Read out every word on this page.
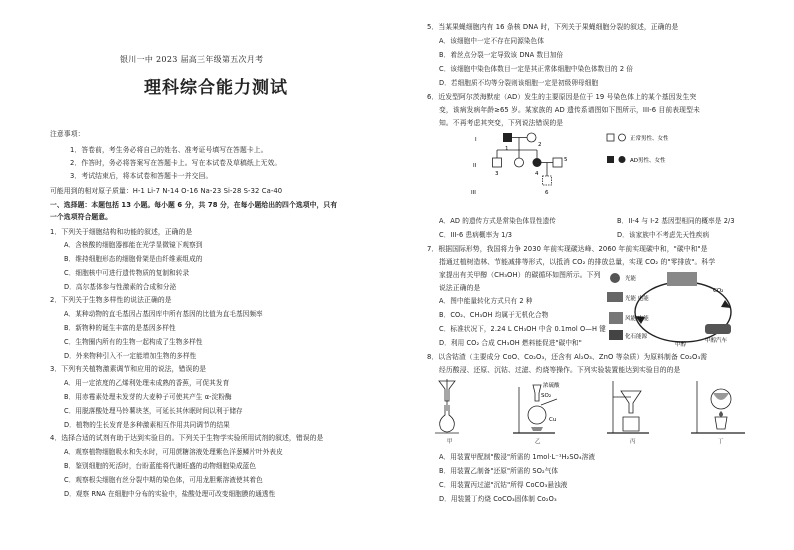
银川一中 2023 届高三年级第五次月考
理科综合能力测试
注意事项：
1．答卷前，考生务必将自己的姓名、准考证号填写在答题卡上。
2．作答时，务必将答案写在答题卡上。写在本试卷及草稿纸上无效。
3．考试结束后，将本试卷和答题卡一并交回。
可能用到的相对原子质量：H-1 Li-7 N-14 O-16 Na-23 Si-28 S-32 Ca-40
一、选择题：本题包括 13 小题。每小题 6 分，共 78 分，在每小题给出的四个选项中，只有
一个选项符合题意。
1．下列关于细胞结构和功能的叙述，正确的是
A．含核酸的细胞器都能在光学显微镜下观察到
B．维持细胞形态的细胞骨架是由纤维素组成的
C．细胞核中可进行遗传物质的复制和转录
D．高尔基体参与性激素的合成和分泌
2．下列关于生物多样性的说法正确的是
A．某种动物的直毛基因占基因库中所有基因的比值为直毛基因频率
B．新物种的诞生丰富的是基因多样性
C．生物圈内所有的生物一起构成了生物多样性
D．外来物种引入不一定能增加生物的多样性
3．下列有关植物激素调节和应用的说法，错误的是
A．用一定浓度的乙烯利处理未成熟的香蕉，可促其发育
B．用赤霉素处理未发芽的大麦种子可使其产生 α-淀粉酶
C．用脱落酸处理马铃薯块茎，可延长其休眠时间以利于储存
D．植物的生长发育是多种激素相互作用共同调节的结果
4．选择合适的试剂有助于达到实验目的。下列关于生物学实验所用试剂的叙述，错误的是
A．观察植物细胞吸水和失水时，可用蔗糖溶液处理紫色洋葱鳞片叶外表皮
B．鉴别细胞的死活时，台盼蓝能将代谢旺盛的动物细胞染成蓝色
C．观察根尖细胞有丝分裂中期的染色体，可用龙胆紫溶液使其着色
D．观察 RNA 在细胞中分布的实验中，盐酸处理可改变细胞膜的通透性
5．当某果蝇细胞内有 16 条核 DNA 时，下列关于果蝇细胞分裂的叙述，正确的是
A．该细胞中一定不存在同源染色体
B．着丝点分裂一定导致该 DNA 数目加倍
C．该细胞中染色体数目一定是其正常体细胞中染色体数目的 2 倍
D．若细胞质不均等分裂则该细胞一定是初级卵母细胞
6．近发型阿尔茨海默症（AD）发生的主要原因是位于 19 号染色体上的某个基因发生突
变，该病发病年龄≥65 岁。某家族的 AD 遗传系谱图如下图所示，III-6 目前表现型未
知。不再考虑其突变，下列说法错误的是
I
II
III
3	4
5
6
1
2
正常男性、女性
AD男性、女性
A．AD 的遗传方式是常染色体显性遗传	B．II-4 与 I-2 基因型相同的概率是 2/3
C．III-6 患病概率为 1/3	D．该家族中不考虑先天性疾病
7．根据国际形势，我国将力争 2030 年前实现碳达峰、2060 年前实现碳中和，"碳中和"是
指通过植树造林、节能减排等形式，以抵消 CO₂ 的排放总量，实现 CO₂ 的"零排放"。科学
家提出有关甲醇（CH₃OH）的碳循环如图所示。下列
说法正确的是
A．图中能量转化方式只有 2 种
B．CO₂、CH₃OH 均属于无机化合物
C．标准状况下，2.24 L CH₃OH 中含 0.1mol O—H 键
D．利用 CO₂ 合成 CH₃OH 燃料能促进"碳中和"
光能
光能 电能
风能 电能
化石能源
甲醇
CO₂
甲醇汽车
8．以含钴渣（主要成分 CoO、Co₂O₃，还含有 Al₂O₃、ZnO 等杂质）为原料制备 Co₂O₃需
经历酸浸、还原、沉钴、过滤、灼烧等操作。下列实验装置能达到实验目的的是
SO₂
Cu
浓硫酸
甲	乙	丙	丁
A．用装置甲配制"酸浸"所需的 1mol·L⁻¹H₂SO₄溶液
B．用装置乙制备"还原"所需的 SO₂气体
C．用装置丙过滤"沉钴"所得 CoCO₃悬浊液
D．用装置丁灼烧 CoCO₃固体制 Co₂O₃
